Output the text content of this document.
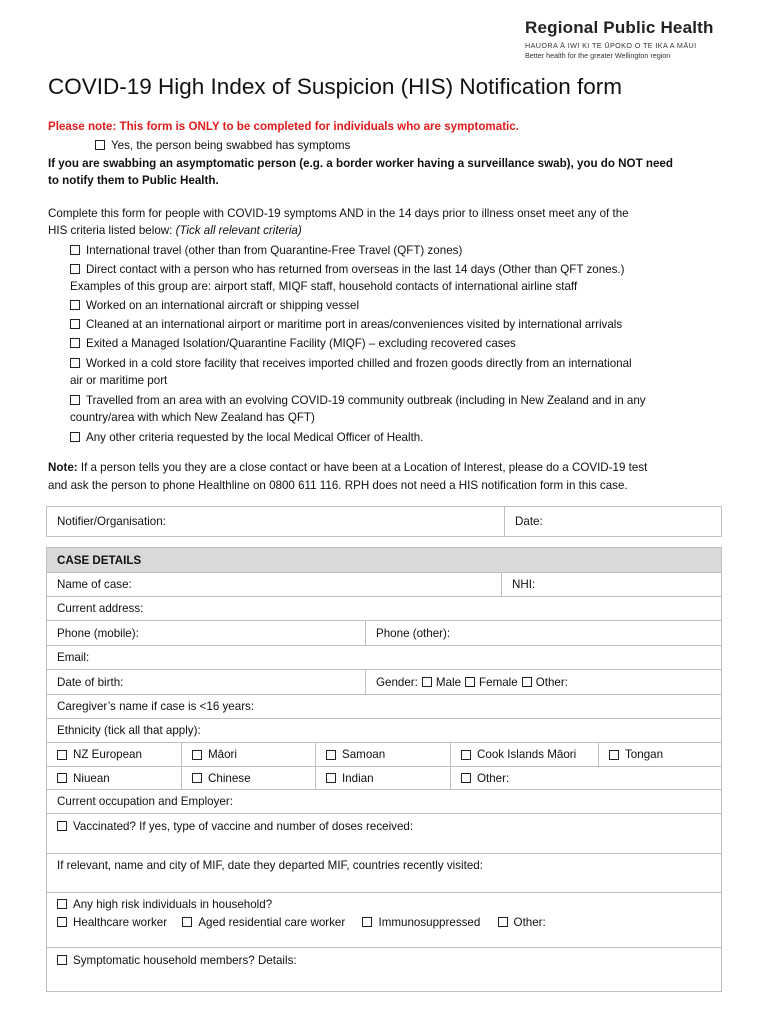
Regional Public Health
HAUORA Ā IWI KI TE ŪPOKO O TE IKA A MĀUI
Better health for the greater Wellington region
COVID-19 High Index of Suspicion (HIS) Notification form
Please note: This form is ONLY to be completed for individuals who are symptomatic.
Yes, the person being swabbed has symptoms
If you are swabbing an asymptomatic person (e.g. a border worker having a surveillance swab), you do NOT need
to notify them to Public Health.
Complete this form for people with COVID-19 symptoms AND in the 14 days prior to illness onset meet any of the
HIS criteria listed below: (Tick all relevant criteria)
International travel (other than from Quarantine-Free Travel (QFT) zones)
Direct contact with a person who has returned from overseas in the last 14 days (Other than QFT zones.)
Examples of this group are: airport staff, MIQF staff, household contacts of international airline staff
Worked on an international aircraft or shipping vessel
Cleaned at an international airport or maritime port in areas/conveniences visited by international arrivals
Exited a Managed Isolation/Quarantine Facility (MIQF) – excluding recovered cases
Worked in a cold store facility that receives imported chilled and frozen goods directly from an international
air or maritime port
Travelled from an area with an evolving COVID-19 community outbreak (including in New Zealand and in any
country/area with which New Zealand has QFT)
Any other criteria requested by the local Medical Officer of Health.
Note: If a person tells you they are a close contact or have been at a Location of Interest, please do a COVID-19 test
and ask the person to phone Healthline on 0800 611 116. RPH does not need a HIS notification form in this case.
Notifier/Organisation:	Date:
CASE DETAILS
Name of case:	NHI:
Current address:
Phone (mobile):	Phone (other):
Email:
Date of birth:	Gender: Male Female Other:
Caregiver’s name if case is <16 years:
Ethnicity (tick all that apply):
NZ European	Māori	Samoan	Cook Islands Māori	Tongan
Niuean	Chinese	Indian	Other:
Current occupation and Employer:
Vaccinated? If yes, type of vaccine and number of doses received:
If relevant, name and city of MIF, date they departed MIF, countries recently visited:
Any high risk individuals in household?
Healthcare worker	Aged residential care worker	Immunosuppressed	Other:
Symptomatic household members? Details:
